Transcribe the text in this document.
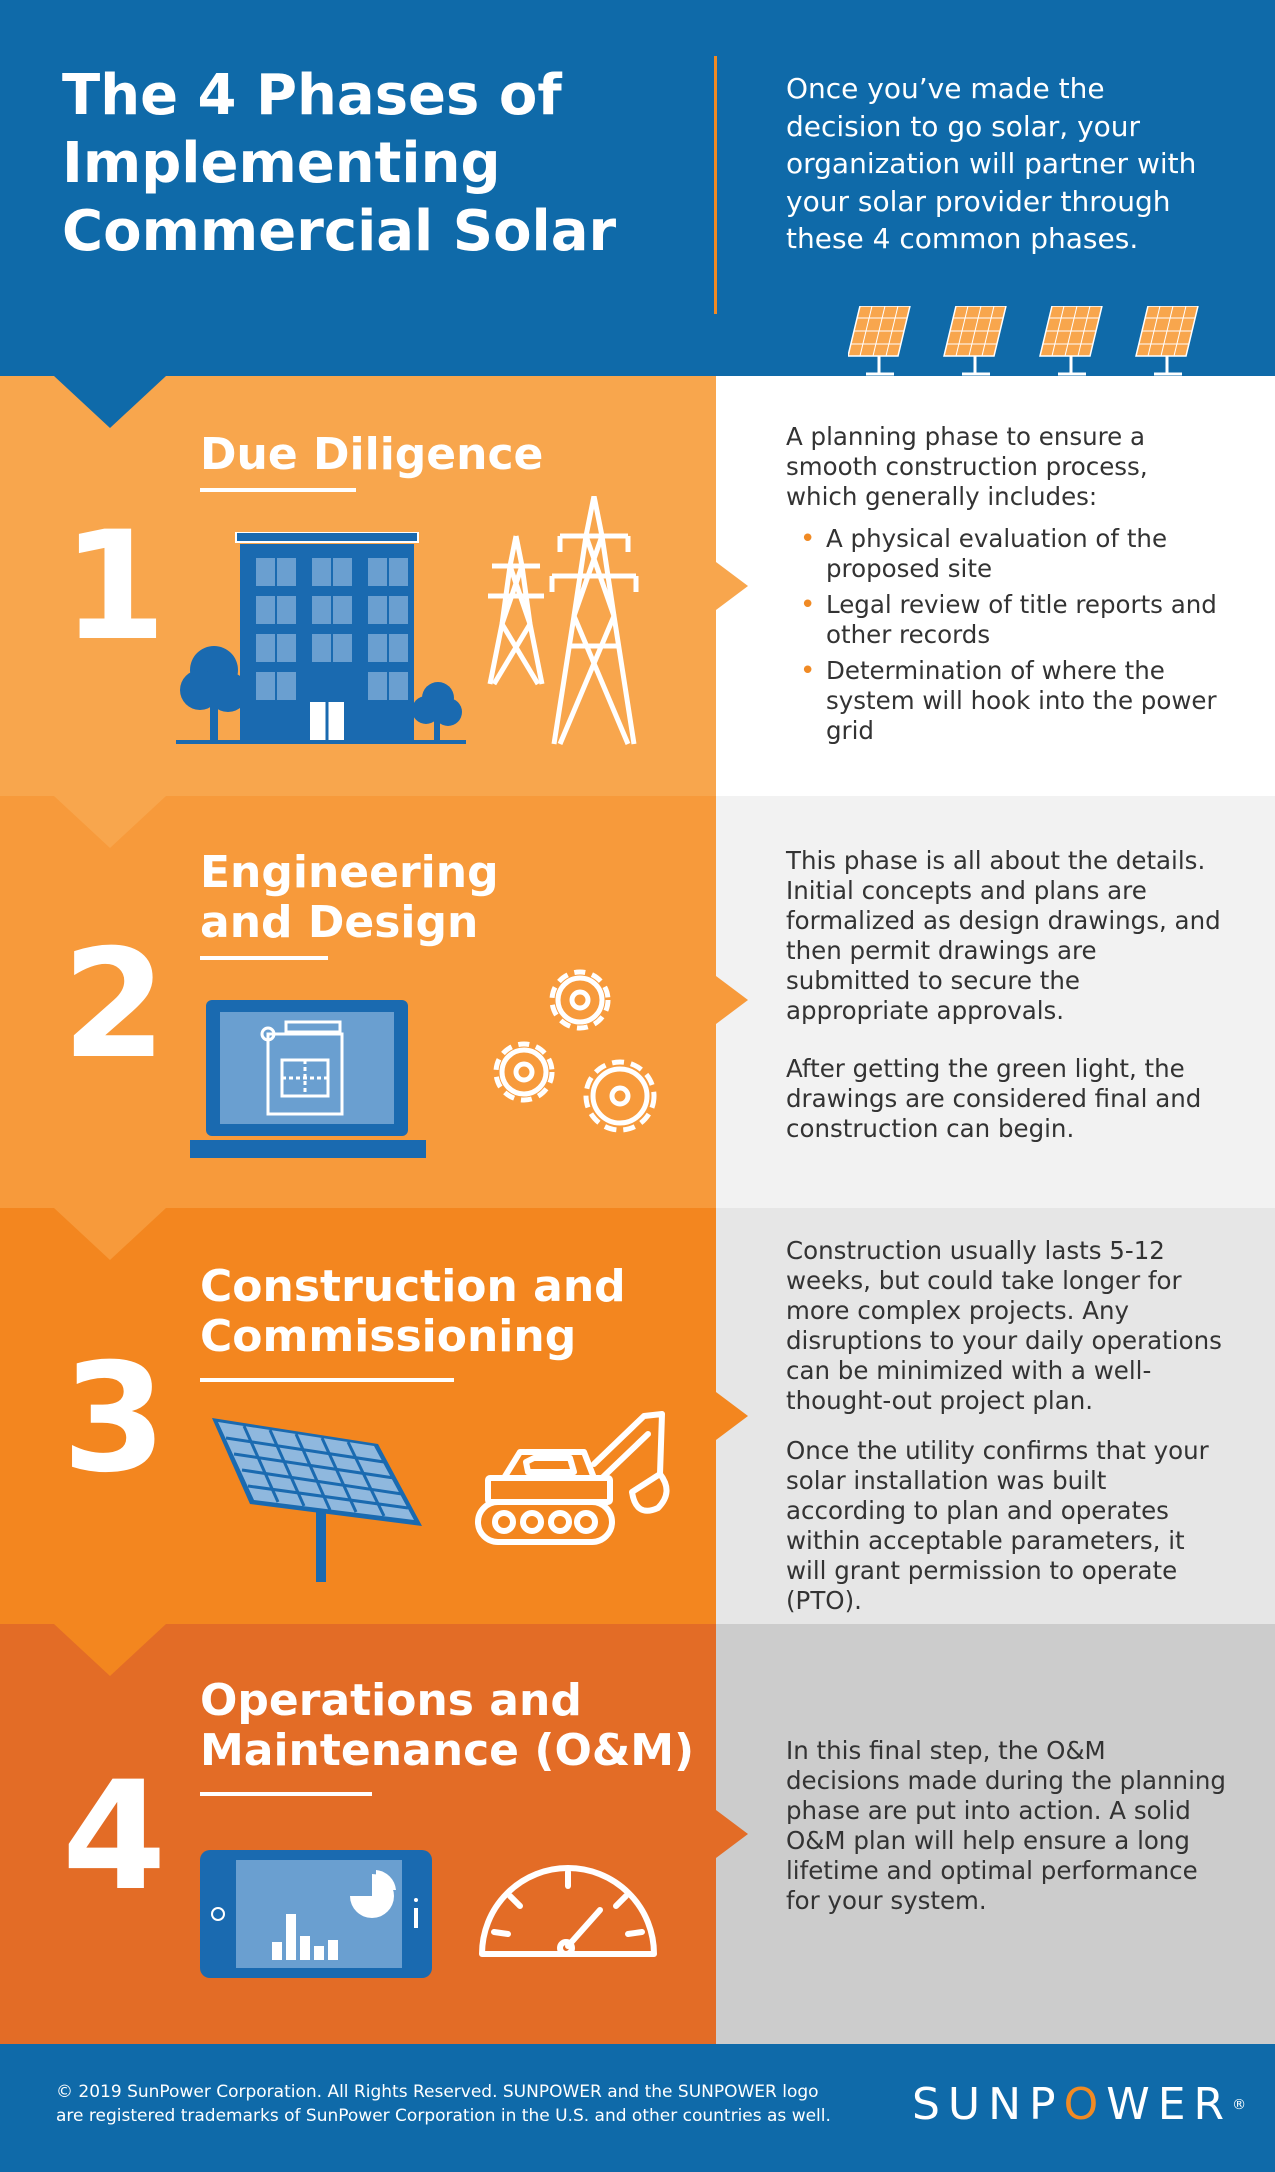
The 4 Phases of
Implementing
Commercial Solar
Once you’ve made the decision to go solar, your organization will partner with your solar provider through these 4 common phases.
1
Due Diligence	A planning phase to ensure a smooth construction process, which generally includes:

• A physical evaluation of the proposed site
• Legal review of title reports and other records
• Determination of where the system will hook into the power grid
2
Engineering
and Design

This phase is all about the details. Initial concepts and plans are formalized as design drawings, and then permit drawings are submitted to secure the appropriate approvals.

After getting the green light, the drawings are considered final and construction can begin.

3
Construction and
Commissioning

Construction usually lasts 5-12 weeks, but could take longer for more complex projects. Any disruptions to your daily operations can be minimized with a well-thought-out project plan.

Once the utility confirms that your solar installation was built according to plan and operates within acceptable parameters, it will grant permission to operate (PTO).

4
Operations and
Maintenance (O&M)	In this final step, the O&M decisions made during the planning phase are put into action. A solid O&M plan will help ensure a long lifetime and optimal performance for your system.
© 2019 SunPower Corporation. All Rights Reserved. SUNPOWER and the SUNPOWER logo
are registered trademarks of SunPower Corporation in the U.S. and other countries as well.	SUNPOWER®
